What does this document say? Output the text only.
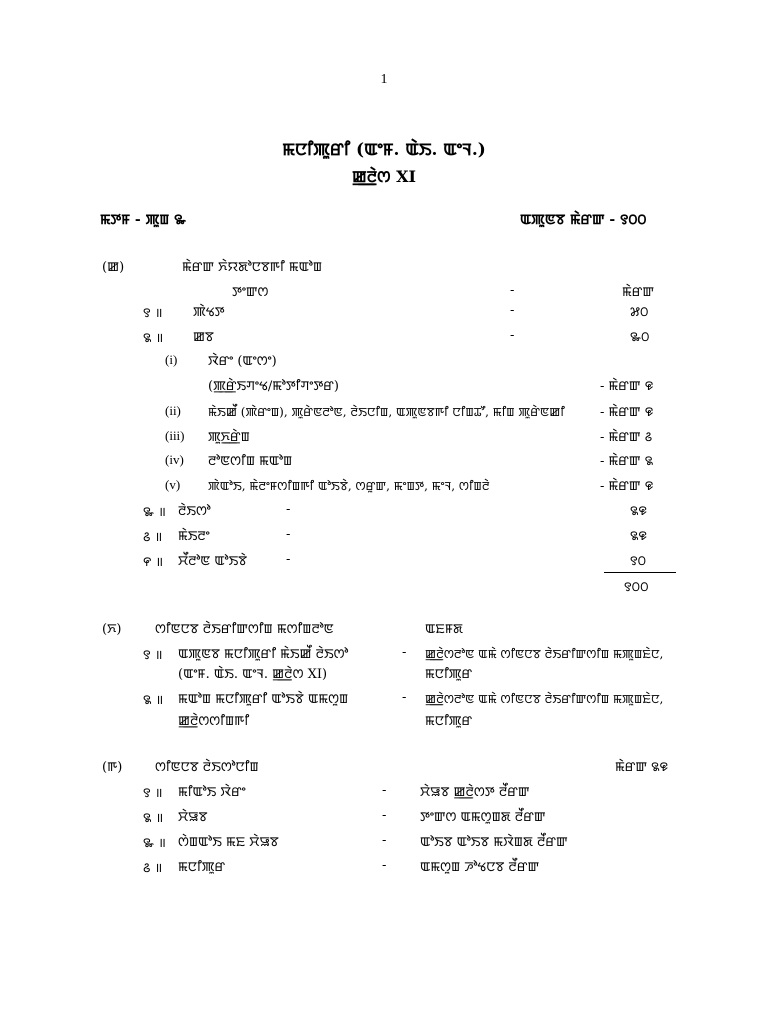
1
ꯃꯅꯤꯄꯨꯔꯤ (ꯑꯦꯝ. ꯑꯥꯏ. ꯑꯦꯜ.)
ꯀ꯭ꯂꯥꯁ XI
ꯃꯇꯝ - ꯄꯨꯡ ꯳	ꯑꯄꯨꯟꯕ ꯃꯥꯔꯛ - ꯱꯰꯰
(ꯀ)	ꯃꯥꯔꯛ ꯈꯥꯌꯗꯣꯅꯕꯒꯤ ꯃꯑꯣꯡ
ꯇꯦꯛꯁ	-	ꯃꯥꯔꯛ
꯱ ॥ ꯄꯥꯠꯇ	-	꯷꯰
꯲ ॥ ꯀꯕ	-	꯳꯰
(i) ꯋꯥꯔꯦ (ꯑꯦꯁꯦ)
(ꯄ꯭ꯔꯥꯏꯚꯦꯠ/ꯃꯣꯇꯤꯚꯦꯇꯔ)	- ꯃꯥꯔꯛ ꯶
(ii) ꯃꯥꯏꯀꯩ (ꯄꯥꯔꯦꯡ), ꯄꯨꯔꯥꯟꯂꯣꯟ, ꯂꯥꯏꯅꯤꯡ, ꯑꯄꯨꯟꯕꯒꯤ ꯅꯤꯡꯊꯧ, ꯃꯤꯡ ꯄꯨꯔꯥꯟꯀꯤ	- ꯃꯥꯔꯛ ꯶
(iii) ꯄꯨꯈ꯭ꯔꯥꯡ	- ꯃꯥꯔꯛ ꯴
(iv) ꯂꯣꯟꯁꯤꯡ ꯃꯑꯣꯡ	- ꯃꯥꯔꯛ ꯲
(v) ꯄꯥꯑꯣꯏ, ꯃꯥꯂꯦꯝꯁꯤꯡꯒꯤ ꯑꯣꯏꯕꯥ, ꯁꯔꯨꯛ, ꯃꯦꯡꯇ, ꯃꯦꯜ, ꯁꯤꯡꯂꯥ	- ꯃꯥꯔꯛ ꯶
꯳ ॥ ꯂꯥꯏꯁꯣ	-	꯲꯶
꯴ ॥ ꯃꯥꯏꯂꯦ	-	꯲꯶
꯵ ॥ ꯆꯩꯂꯣꯟ ꯑꯣꯏꯕꯥ	-	꯱꯰
꯱꯰꯰
(ꯈ)	ꯁꯤꯟꯅꯕ ꯂꯥꯏꯔꯤꯛꯁꯤꯡ ꯃꯁꯤꯡꯂꯣꯟ	ꯑꯐꯝꯗ
꯱ ॥ ꯑꯄꯨꯟꯕ ꯃꯅꯤꯄꯨꯔꯤ ꯃꯥꯏꯀꯩ ꯂꯥꯏꯁꯣ
(ꯑꯦꯝ. ꯑꯥꯏ. ꯑꯦꯜ. ꯀ꯭ꯂꯥꯁ XI)
- ꯀ꯭ꯂꯥꯁꯂꯣꯟ ꯑꯃꯥ ꯁꯤꯟꯅꯕ ꯂꯥꯏꯔꯤꯛꯁꯤꯡ ꯃꯄꯨꯡꯐꯥꯅ,
ꯃꯅꯤꯄꯨꯔ
꯲ ॥ ꯃꯑꯣꯡ ꯃꯅꯤꯄꯨꯔꯤ ꯑꯣꯏꯕꯥ ꯑꯃꯁꯨꯡ
ꯀ꯭ꯂꯥꯁꯁꯤꯡꯒꯤ
- ꯀ꯭ꯂꯥꯁꯂꯣꯟ ꯑꯃꯥ ꯁꯤꯟꯅꯕ ꯂꯥꯏꯔꯤꯛꯁꯤꯡ ꯃꯄꯨꯡꯐꯥꯅ,
ꯃꯅꯤꯄꯨꯔ
(ꯒ)	ꯁꯤꯟꯅꯕ ꯂꯥꯏꯁꯣꯅꯤꯡ	ꯃꯥꯔꯛ ꯲꯶
꯱ ॥ ꯃꯤꯑꯣꯏ ꯋꯥꯔꯦ	-	ꯆꯥꯎꯕ ꯀ꯭ꯂꯥꯁꯇ ꯂꯩꯔꯛ
꯲ ॥ ꯆꯥꯎꯕ	-	ꯇꯦꯛꯁ ꯑꯃꯁꯨꯡꯗ ꯂꯩꯔꯛ
꯳ ॥ ꯁꯥꯡꯑꯣꯏ ꯃꯐ ꯆꯥꯎꯕ	-	ꯑꯣꯏꯕ ꯑꯣꯏꯕ ꯃꯋꯥꯡꯗ ꯂꯩꯔꯛ
꯴ ॥ ꯃꯅꯤꯄꯨꯔ	-	ꯑꯃꯁꯨꯡ ꯍꯣꯠꯅꯕ ꯂꯩꯔꯛ
